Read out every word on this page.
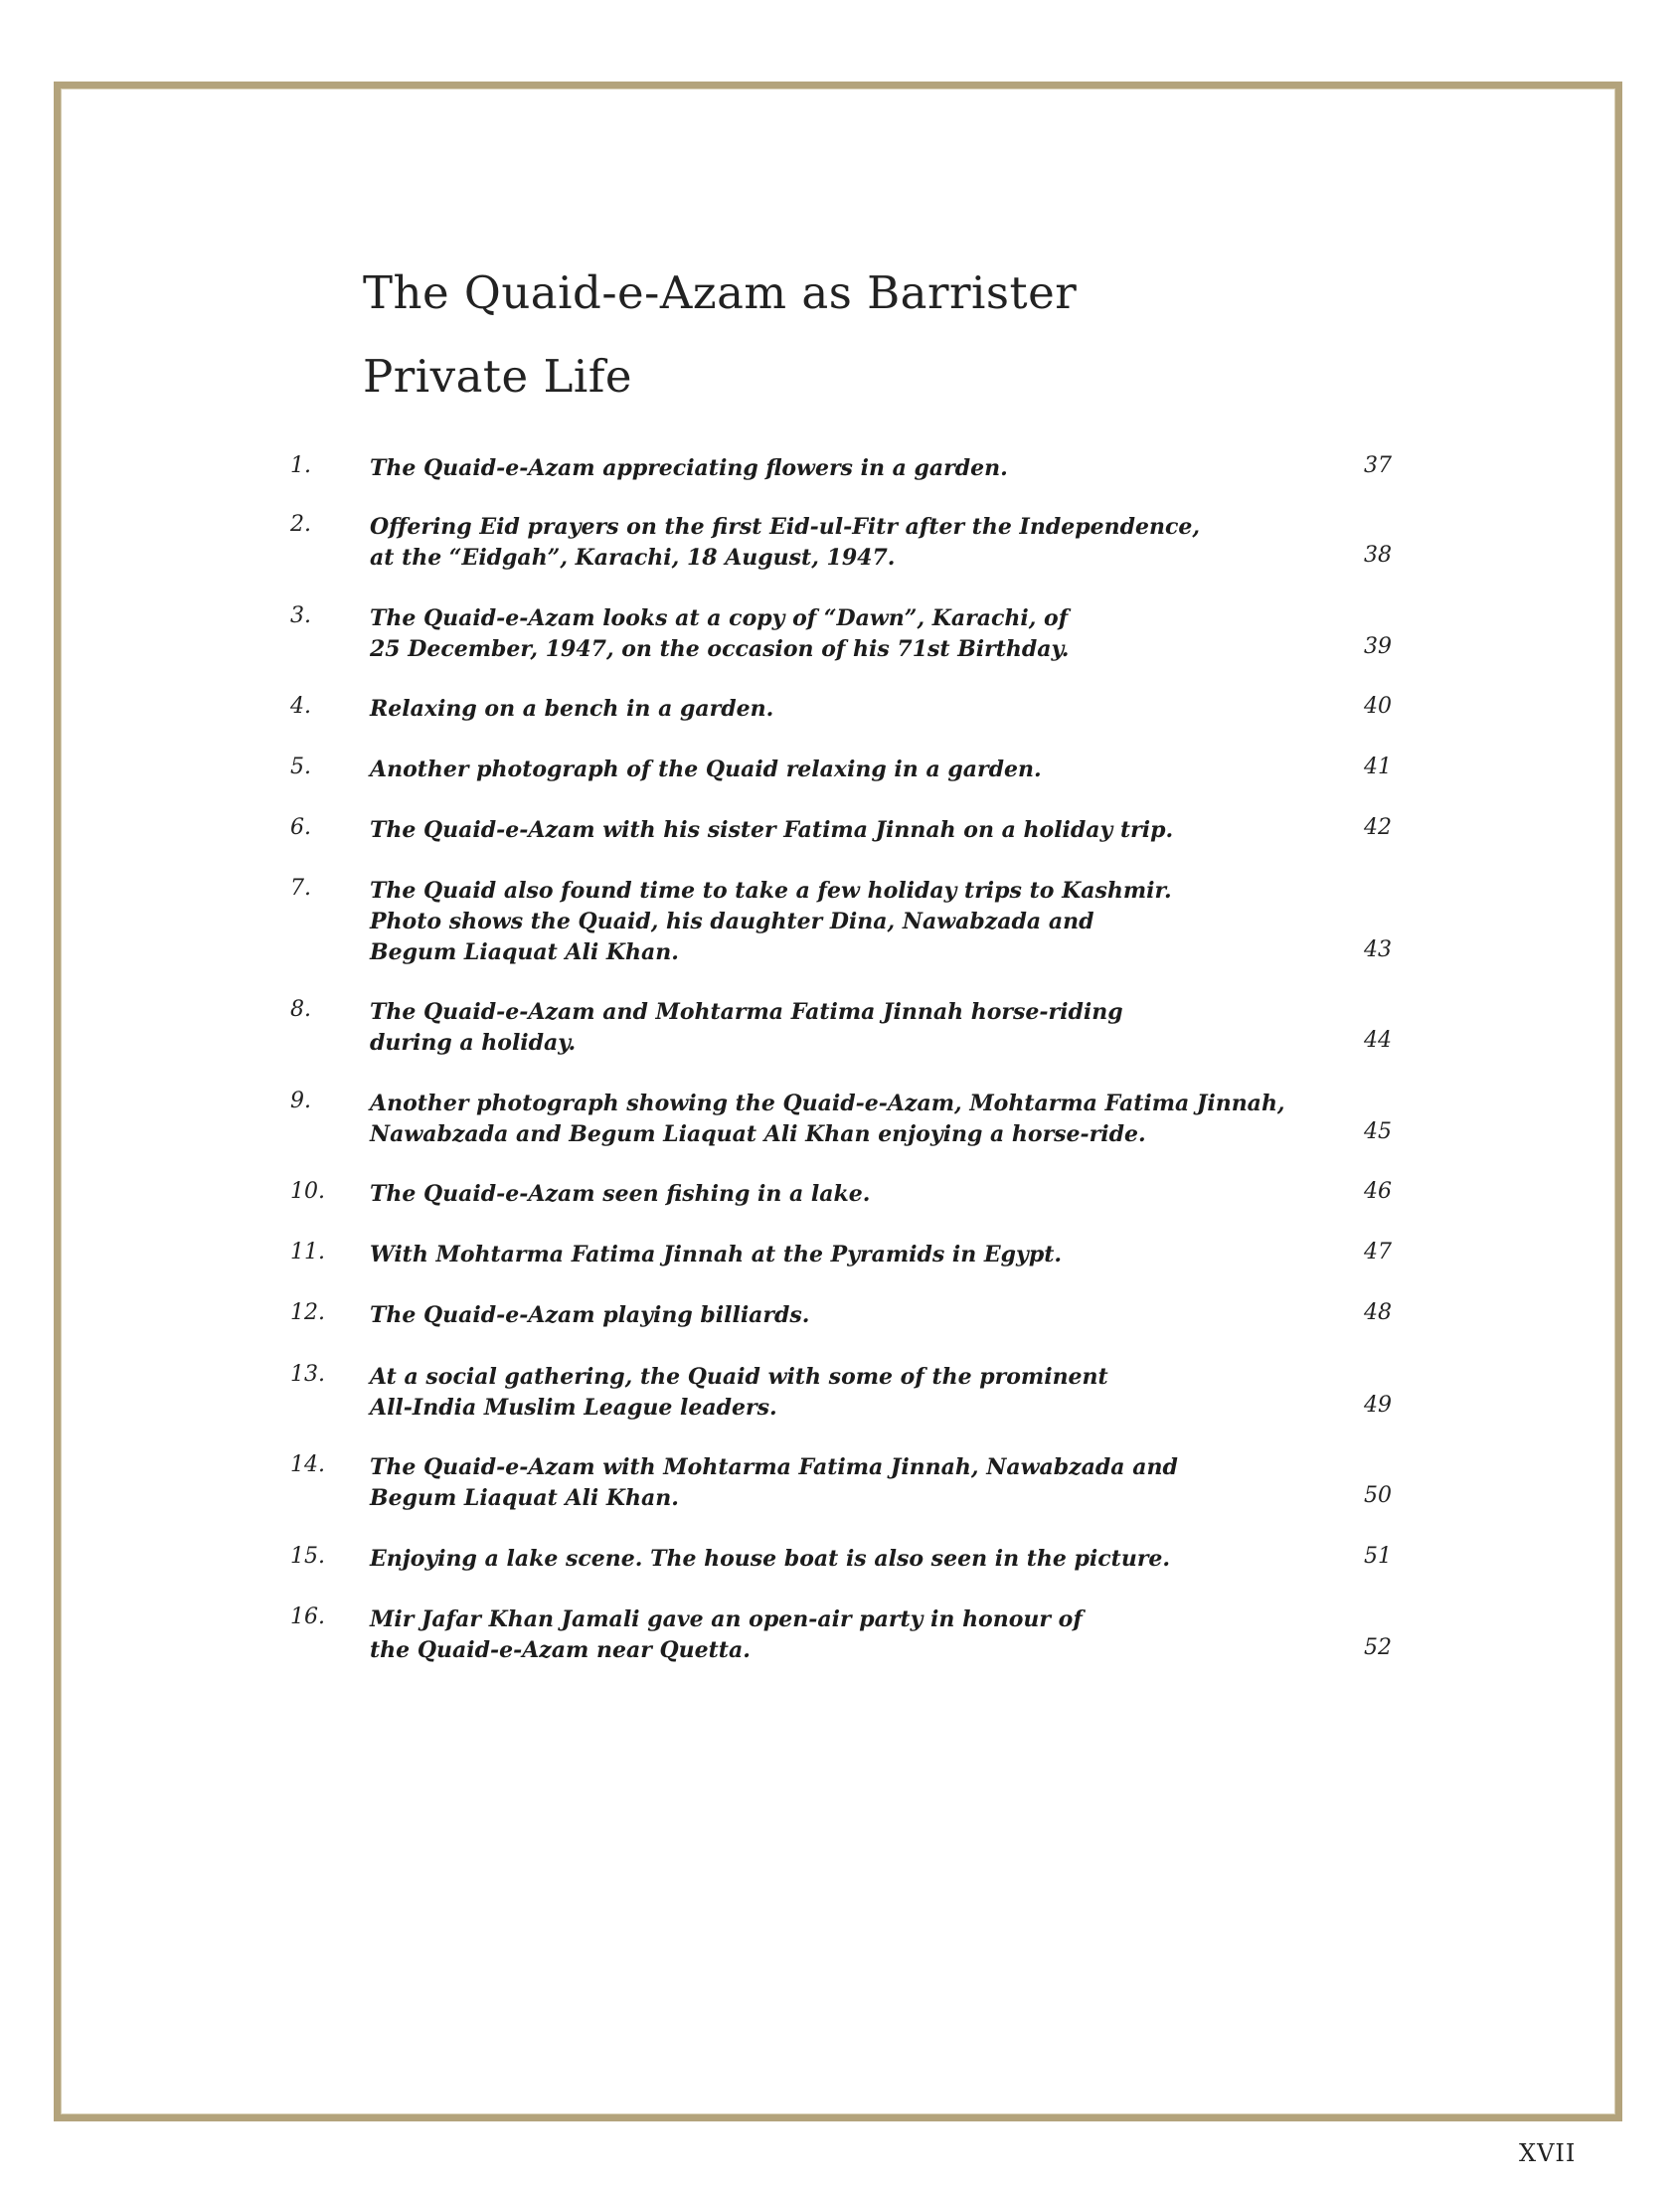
The Quaid-e-Azam as Barrister
Private Life
1.	The Quaid-e-Azam appreciating flowers in a garden.	37
2.	Offering Eid prayers on the first Eid-ul-Fitr after the Independence,
at the “Eidgah”, Karachi, 18 August, 1947.	38
3.	The Quaid-e-Azam looks at a copy of “Dawn”, Karachi, of
25 December, 1947, on the occasion of his 71st Birthday.	39
4.	Relaxing on a bench in a garden.	40
5.	Another photograph of the Quaid relaxing in a garden.	41
6.	The Quaid-e-Azam with his sister Fatima Jinnah on a holiday trip.	42
7.	The Quaid also found time to take a few holiday trips to Kashmir.
Photo shows the Quaid, his daughter Dina, Nawabzada and
Begum Liaquat Ali Khan.	43
8.	The Quaid-e-Azam and Mohtarma Fatima Jinnah horse-riding
during a holiday.	44
9.	Another photograph showing the Quaid-e-Azam, Mohtarma Fatima Jinnah,
Nawabzada and Begum Liaquat Ali Khan enjoying a horse-ride.	45
10. The Quaid-e-Azam seen fishing in a lake.	46
11. With Mohtarma Fatima Jinnah at the Pyramids in Egypt.	47
12. The Quaid-e-Azam playing billiards.	48
13. At a social gathering, the Quaid with some of the prominent
All-India Muslim League leaders.	49
14. The Quaid-e-Azam with Mohtarma Fatima Jinnah, Nawabzada and
Begum Liaquat Ali Khan.	50
15. Enjoying a lake scene. The house boat is also seen in the picture.	51
16. Mir Jafar Khan Jamali gave an open-air party in honour of
the Quaid-e-Azam near Quetta.	52
XVII
